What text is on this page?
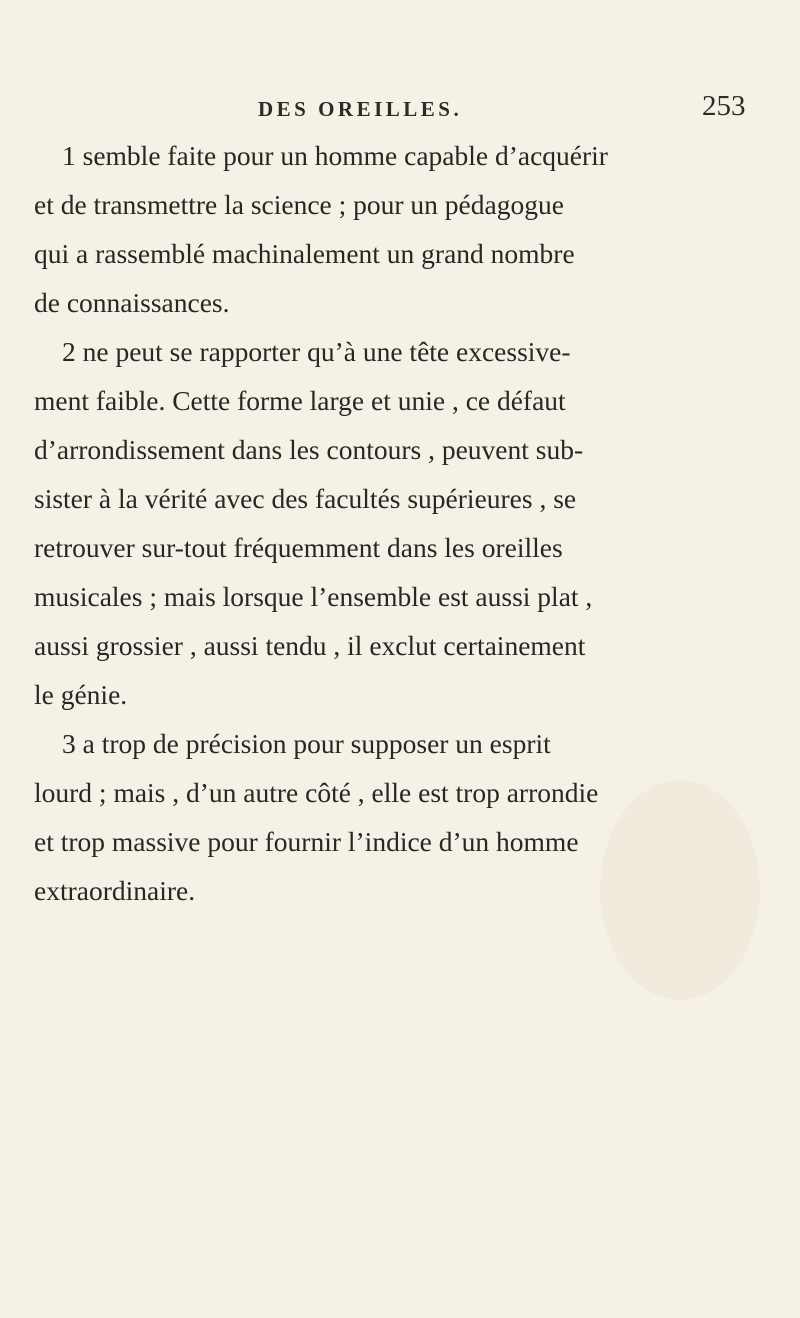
DES OREILLES.	253
1 semble faite pour un homme capable d’acquérir
et de transmettre la science ; pour un pédagogue
qui a rassemblé machinalement un grand nombre
de connaissances.
2 ne peut se rapporter qu’à une tête excessive-
ment faible. Cette forme large et unie , ce défaut
d’arrondissement dans les contours , peuvent sub-
sister à la vérité avec des facultés supérieures , se
retrouver sur-tout fréquemment dans les oreilles
musicales ; mais lorsque l’ensemble est aussi plat ,
aussi grossier , aussi tendu , il exclut certainement
le génie.
3 a trop de précision pour supposer un esprit
lourd ; mais , d’un autre côté , elle est trop arrondie
et trop massive pour fournir l’indice d’un homme
extraordinaire.
